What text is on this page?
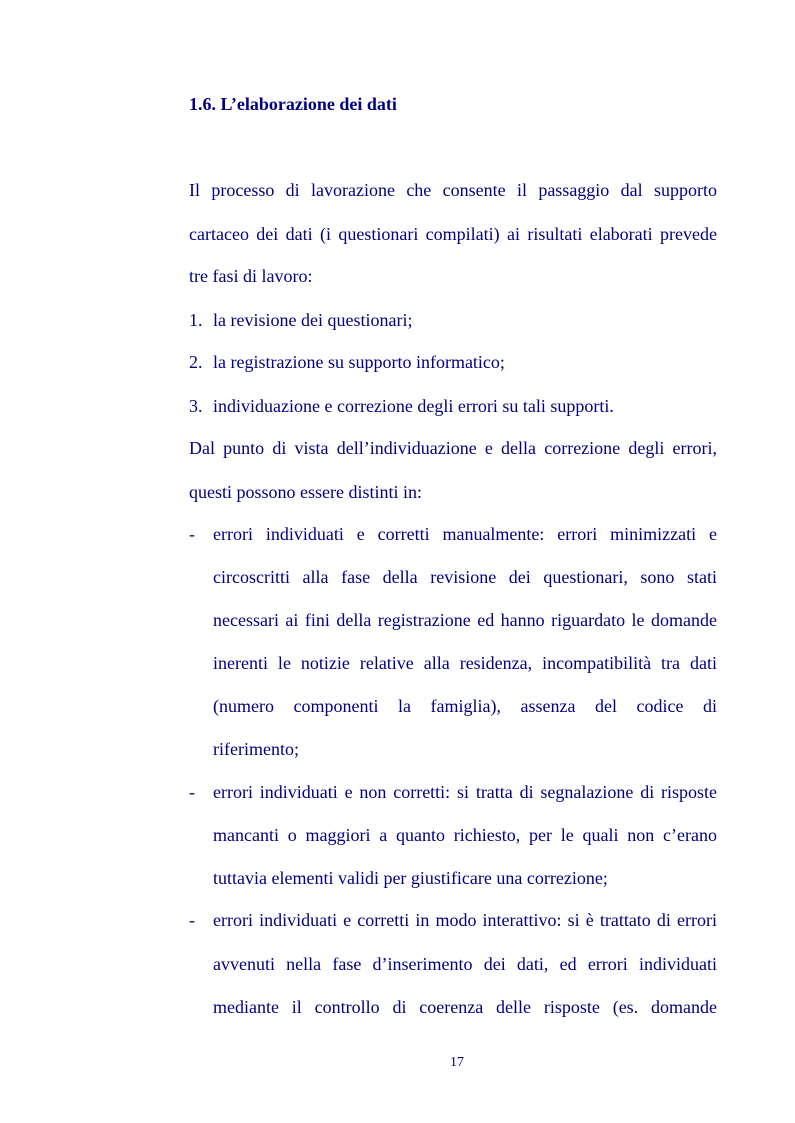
1.6. L’elaborazione dei dati
Il processo di lavorazione che consente il passaggio dal supporto
cartaceo dei dati (i questionari compilati) ai risultati elaborati prevede
tre fasi di lavoro:
1. la revisione dei questionari;
2. la registrazione su supporto informatico;
3. individuazione e correzione degli errori su tali supporti.
Dal punto di vista dell’individuazione e della correzione degli errori,
questi possono essere distinti in:
- errori individuati e corretti manualmente: errori minimizzati e
circoscritti alla fase della revisione dei questionari, sono stati
necessari ai fini della registrazione ed hanno riguardato le domande
inerenti le notizie relative alla residenza, incompatibilità tra dati
(numero componenti la famiglia), assenza del codice di
riferimento;
- errori individuati e non corretti: si tratta di segnalazione di risposte
mancanti o maggiori a quanto richiesto, per le quali non c’erano
tuttavia elementi validi per giustificare una correzione;
- errori individuati e corretti in modo interattivo: si è trattato di errori
avvenuti nella fase d’inserimento dei dati, ed errori individuati
mediante il controllo di coerenza delle risposte (es. domande
17
